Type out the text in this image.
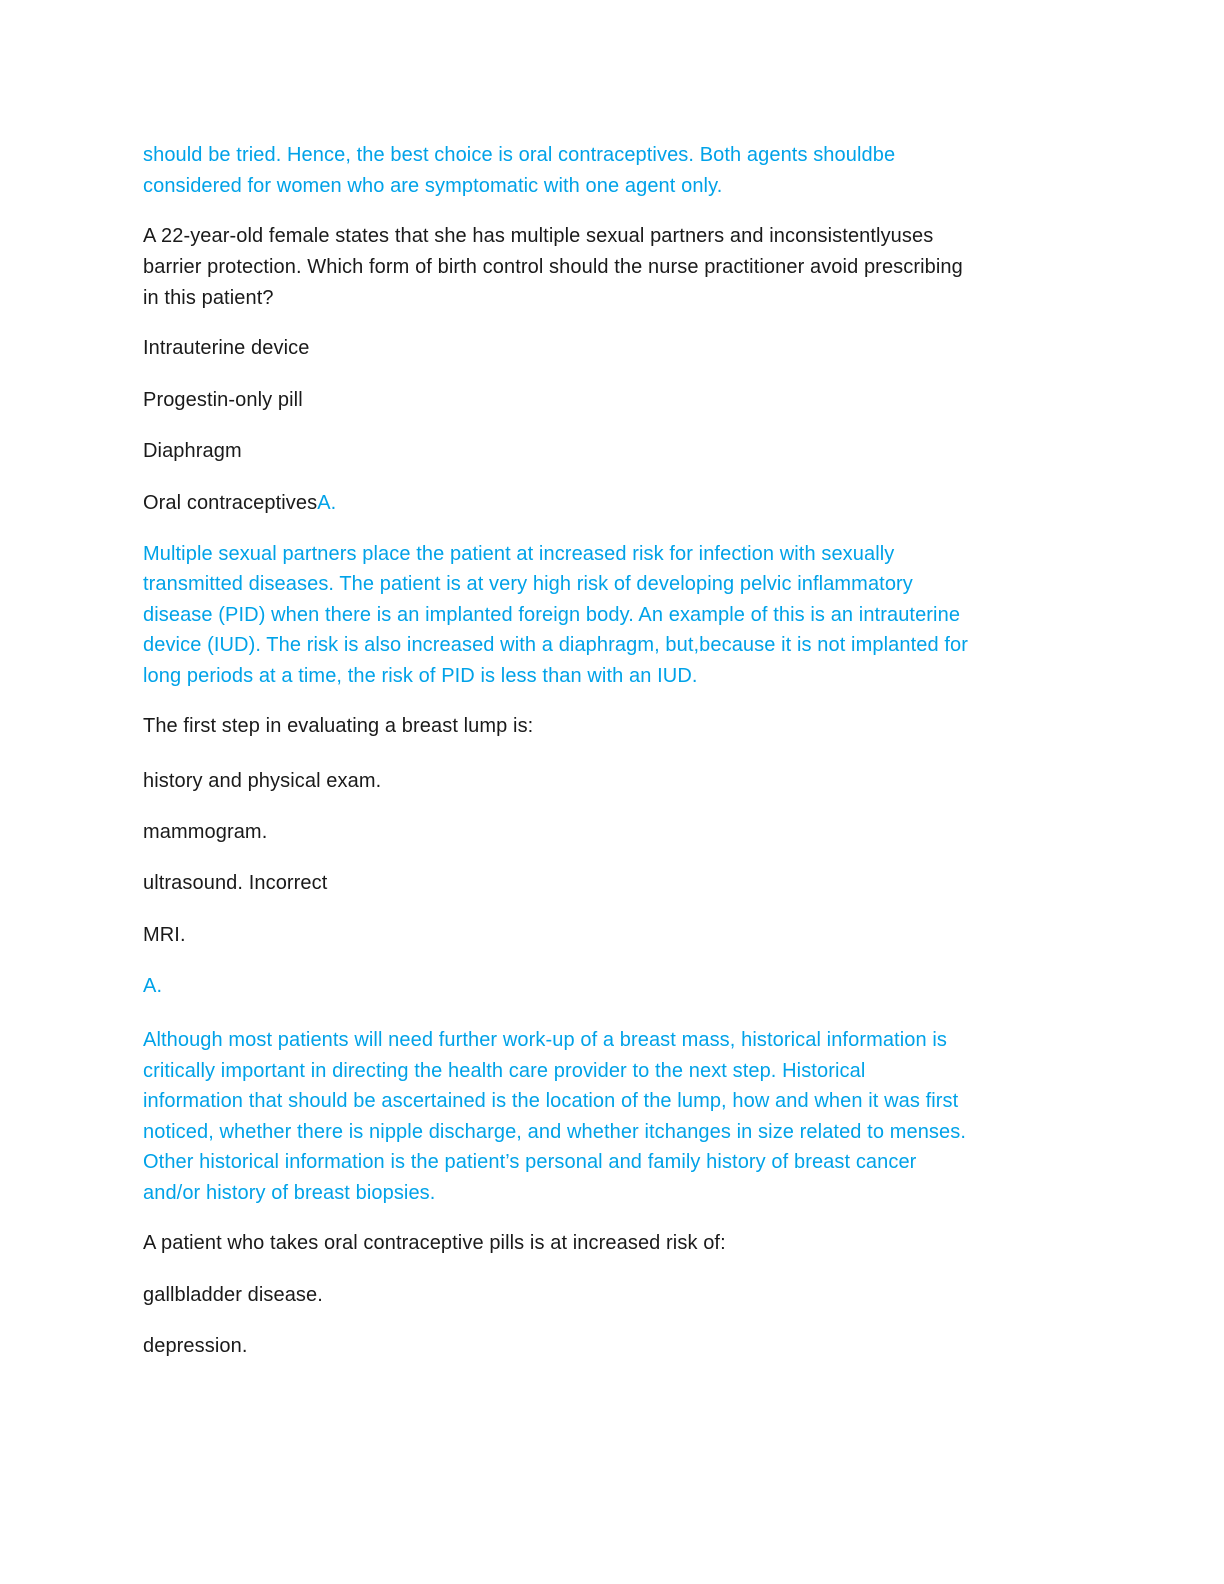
should be tried. Hence, the best choice is oral contraceptives. Both agents shouldbe

considered for women who are symptomatic with one agent only.

A 22-year-old female states that she has multiple sexual partners and inconsistentlyuses

barrier protection. Which form of birth control should the nurse practitioner avoid prescribing

in this patient?

Intrauterine device

Progestin-only pill

Diaphragm

Oral contraceptivesA.

Multiple sexual partners place the patient at increased risk for infection with sexually

transmitted diseases. The patient is at very high risk of developing pelvic inflammatory

disease (PID) when there is an implanted foreign body. An example of this is an intrauterine

device (IUD). The risk is also increased with a diaphragm, but,because it is not implanted for

long periods at a time, the risk of PID is less than with an IUD.

The first step in evaluating a breast lump is:

history and physical exam.

mammogram.

ultrasound. Incorrect

MRI.

A.

Although most patients will need further work-up of a breast mass, historical information is

critically important in directing the health care provider to the next step. Historical

information that should be ascertained is the location of the lump, how and when it was first

noticed, whether there is nipple discharge, and whether itchanges in size related to menses.

Other historical information is the patient’s personal and family history of breast cancer

and/or history of breast biopsies.

A patient who takes oral contraceptive pills is at increased risk of:

gallbladder disease.

depression.
